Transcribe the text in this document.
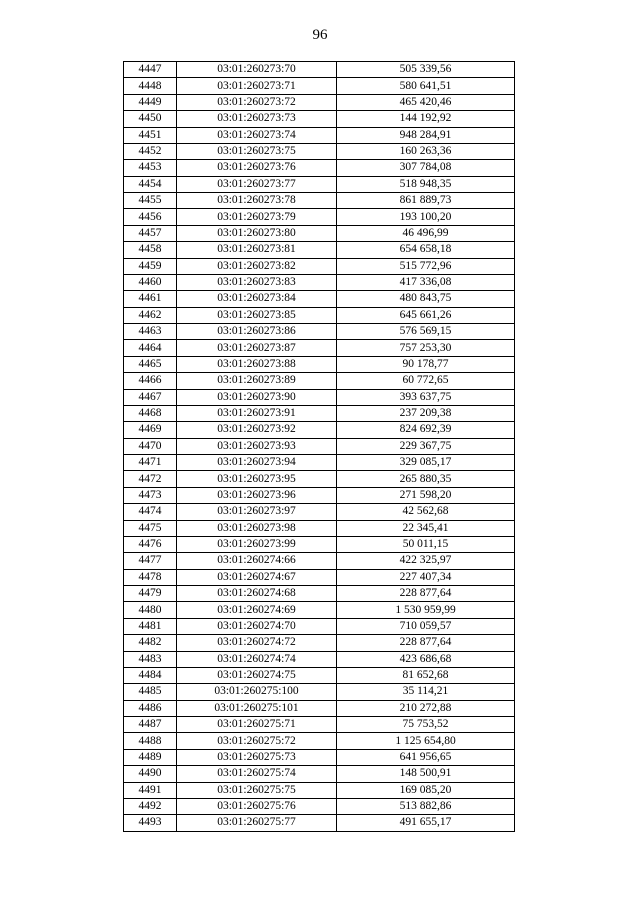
96
4447	03:01:260273:70	505 339,56
4448	03:01:260273:71	580 641,51
4449	03:01:260273:72	465 420,46
4450	03:01:260273:73	144 192,92
4451	03:01:260273:74	948 284,91
4452	03:01:260273:75	160 263,36
4453	03:01:260273:76	307 784,08
4454	03:01:260273:77	518 948,35
4455	03:01:260273:78	861 889,73
4456	03:01:260273:79	193 100,20
4457	03:01:260273:80	46 496,99
4458	03:01:260273:81	654 658,18
4459	03:01:260273:82	515 772,96
4460	03:01:260273:83	417 336,08
4461	03:01:260273:84	480 843,75
4462	03:01:260273:85	645 661,26
4463	03:01:260273:86	576 569,15
4464	03:01:260273:87	757 253,30
4465	03:01:260273:88	90 178,77
4466	03:01:260273:89	60 772,65
4467	03:01:260273:90	393 637,75
4468	03:01:260273:91	237 209,38
4469	03:01:260273:92	824 692,39
4470	03:01:260273:93	229 367,75
4471	03:01:260273:94	329 085,17
4472	03:01:260273:95	265 880,35
4473	03:01:260273:96	271 598,20
4474	03:01:260273:97	42 562,68
4475	03:01:260273:98	22 345,41
4476	03:01:260273:99	50 011,15
4477	03:01:260274:66	422 325,97
4478	03:01:260274:67	227 407,34
4479	03:01:260274:68	228 877,64
4480	03:01:260274:69	1 530 959,99
4481	03:01:260274:70	710 059,57
4482	03:01:260274:72	228 877,64
4483	03:01:260274:74	423 686,68
4484	03:01:260274:75	81 652,68
4485	03:01:260275:100	35 114,21
4486	03:01:260275:101	210 272,88
4487	03:01:260275:71	75 753,52
4488	03:01:260275:72	1 125 654,80
4489	03:01:260275:73	641 956,65
4490	03:01:260275:74	148 500,91
4491	03:01:260275:75	169 085,20
4492	03:01:260275:76	513 882,86
4493	03:01:260275:77	491 655,17
